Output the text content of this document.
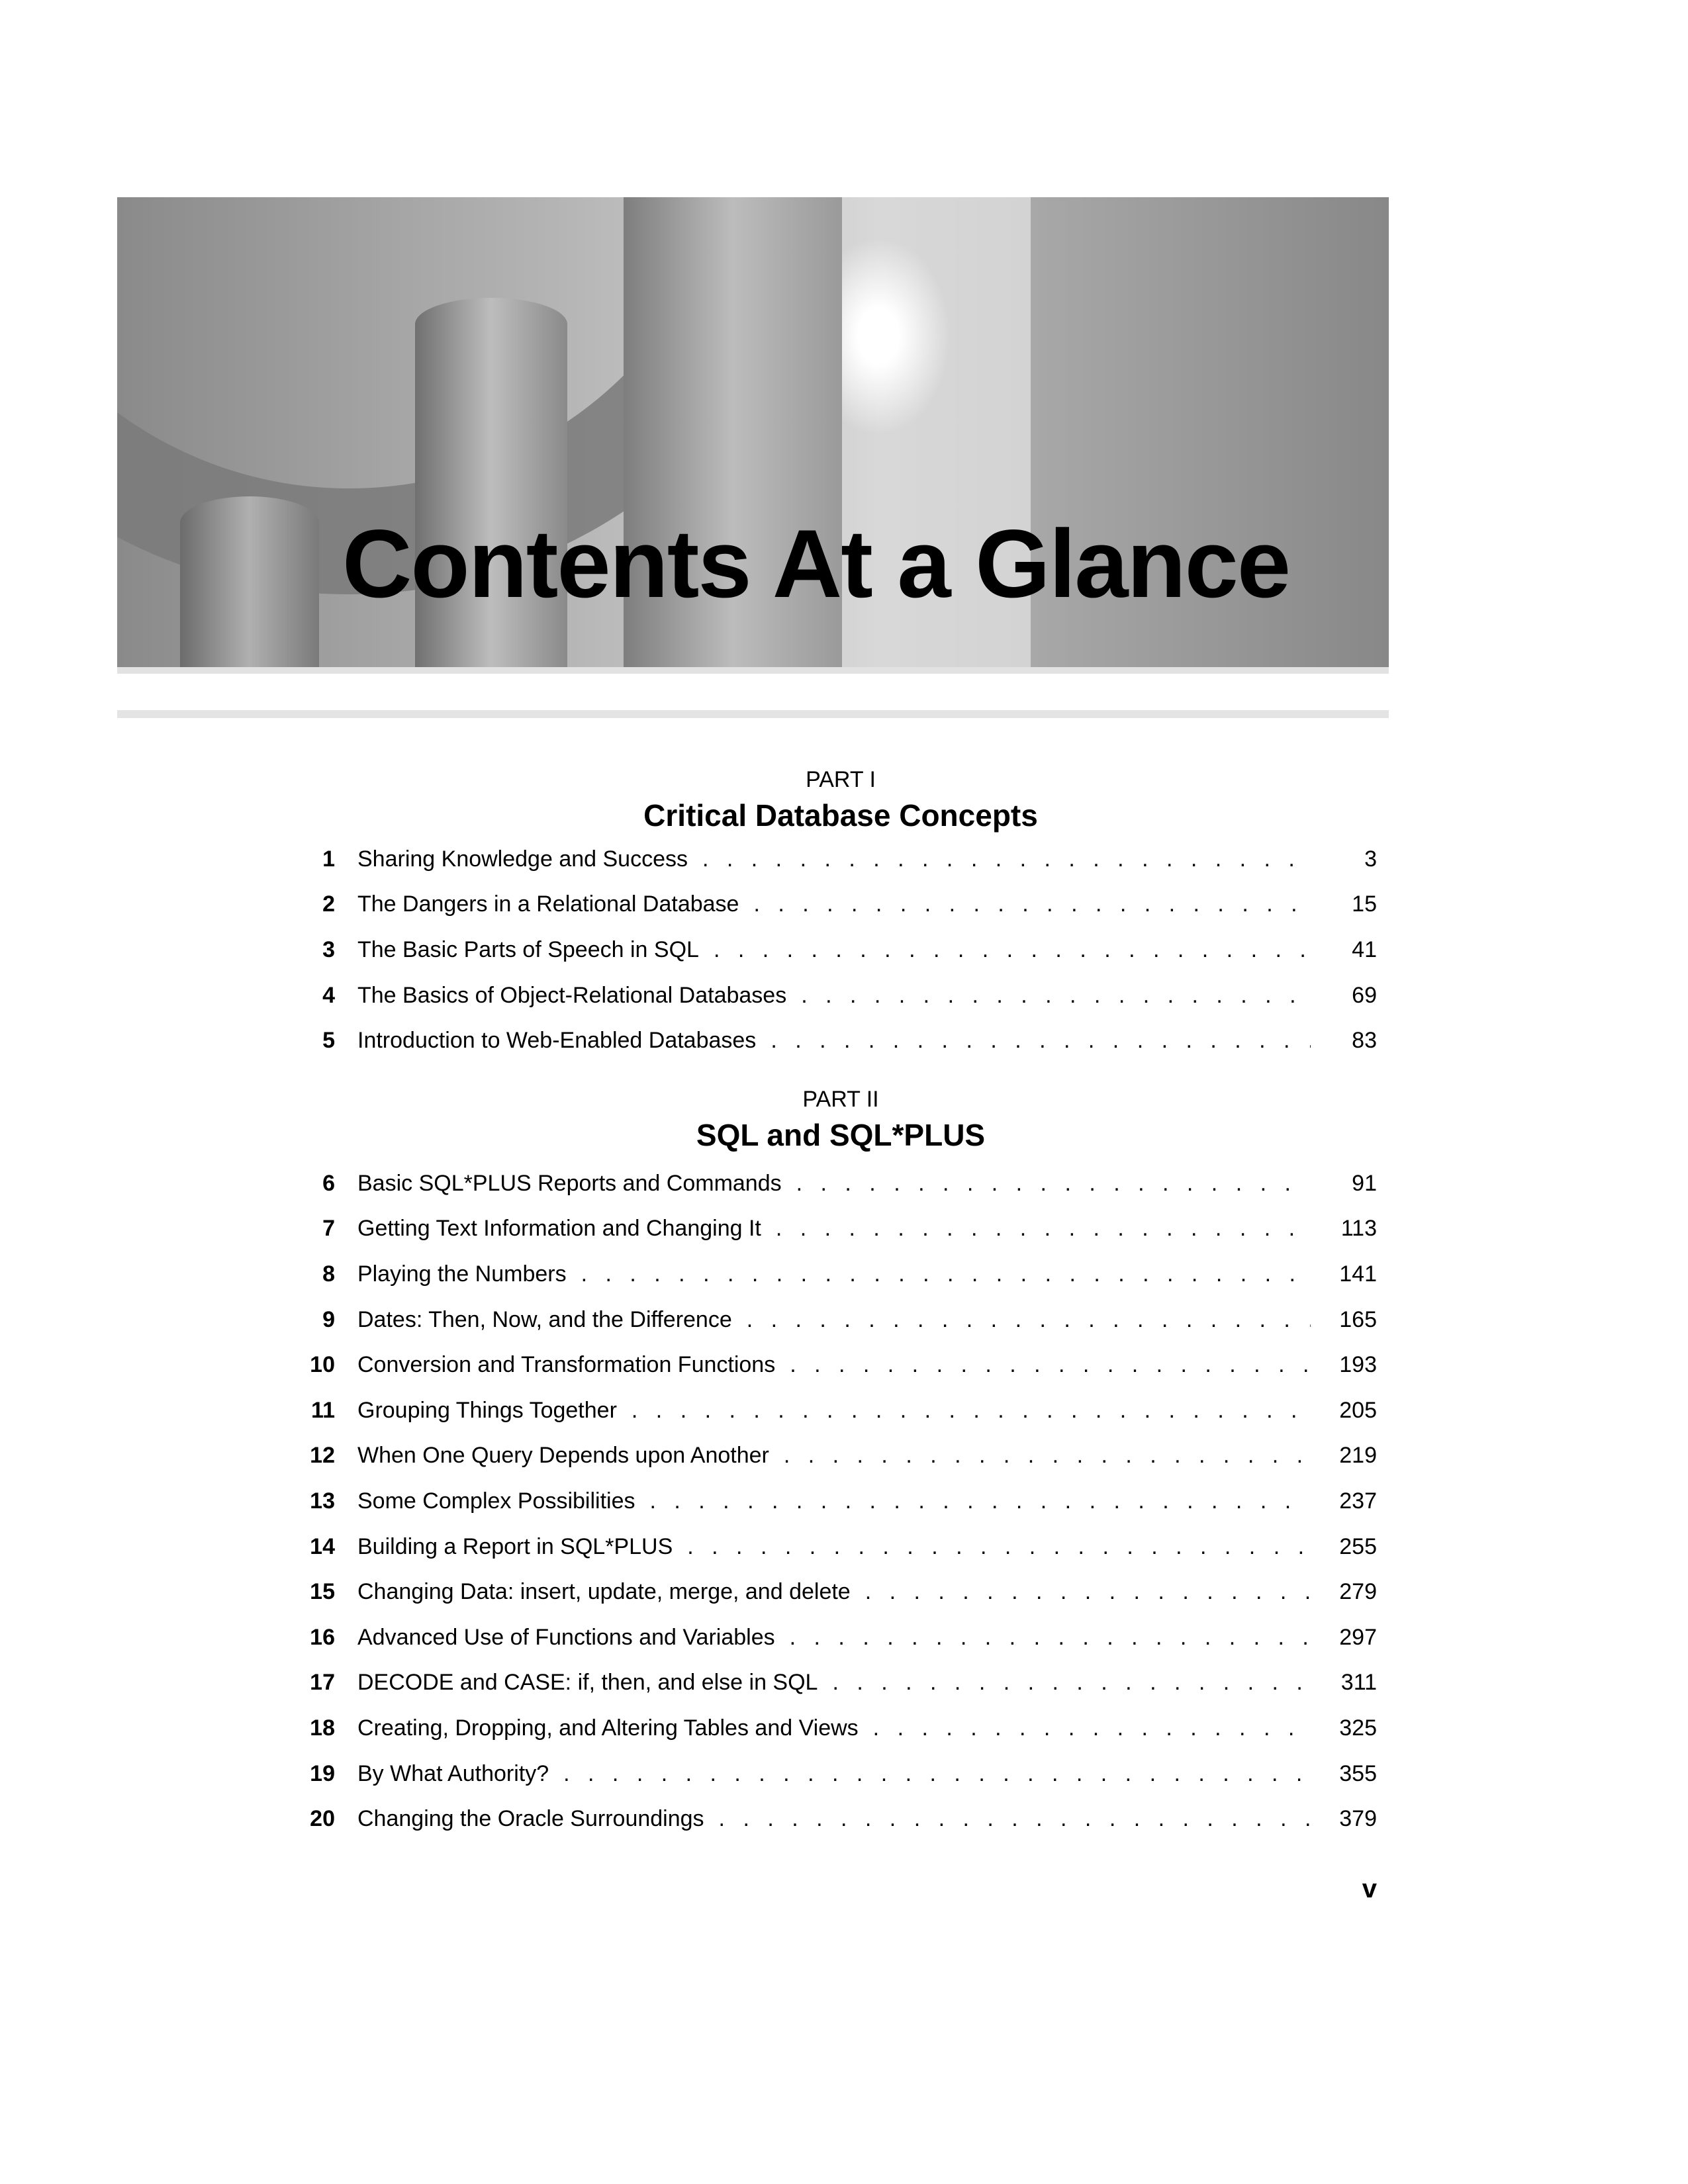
Contents At a Glance
PART I
Critical Database Concepts
1 Sharing Knowledge and Success . . .	3
2 The Dangers in a Relational Database . . .	15
3 The Basic Parts of Speech in SQL . . .	41
4 The Basics of Object-Relational Databases . . .	69
5 Introduction to Web-Enabled Databases . . .	83
PART II
SQL and SQL*PLUS
6 Basic SQL*PLUS Reports and Commands . . .	91
7 Getting Text Information and Changing It . . .	113
8 Playing the Numbers . . .	141
9 Dates: Then, Now, and the Difference . . .	165
10 Conversion and Transformation Functions . . .	193
11 Grouping Things Together . . .	205
12 When One Query Depends upon Another . . .	219
13 Some Complex Possibilities . . .	237
14 Building a Report in SQL*PLUS . . .	255
15 Changing Data: insert, update, merge, and delete . . .	279
16 Advanced Use of Functions and Variables . . .	297
17 DECODE and CASE: if, then, and else in SQL . . .	311
18 Creating, Dropping, and Altering Tables and Views . . .	325
19 By What Authority? . . .	355
20 Changing the Oracle Surroundings . . .	379
v
